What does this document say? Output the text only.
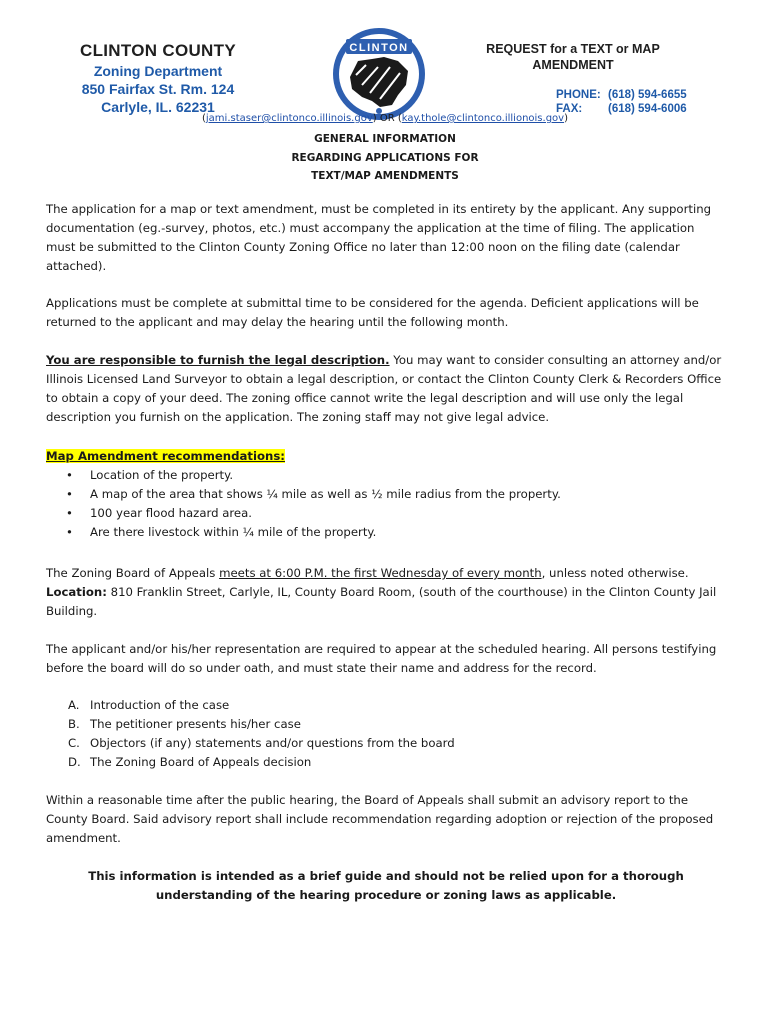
CLINTON COUNTY
Zoning Department
850 Fairfax St. Rm. 124
Carlyle, IL. 62231
CLINTON	REQUEST for a TEXT or MAP
AMENDMENT
PHONE: (618) 594-6655
FAX: (618) 594-6006
(jami.staser@clintonco.illinois.gov) OR (kay.thole@clintonco.illionois.gov)
GENERAL INFORMATION
REGARDING APPLICATIONS FOR
TEXT/MAP AMENDMENTS

The application for a map or text amendment, must be completed in its entirety by the applicant. Any supporting documentation (eg.-survey, photos, etc.) must accompany the application at the time of filing. The application must be submitted to the Clinton County Zoning Office no later than 12:00 noon on the filing date (calendar attached).

Applications must be complete at submittal time to be considered for the agenda. Deficient applications will be returned to the applicant and may delay the hearing until the following month.

You are responsible to furnish the legal description. You may want to consider consulting an attorney and/or Illinois Licensed Land Surveyor to obtain a legal description, or contact the Clinton County Clerk & Recorders Office to obtain a copy of your deed. The zoning office cannot write the legal description and will use only the legal description you furnish on the application. The zoning staff may not give legal advice.

Map Amendment recommendations:

• Location of the property.
• A map of the area that shows ¼ mile as well as ½ mile radius from the property.
• 100 year flood hazard area.
• Are there livestock within ¼ mile of the property.

The Zoning Board of Appeals meets at 6:00 P.M. the first Wednesday of every month, unless noted otherwise.
Location: 810 Franklin Street, Carlyle, IL, County Board Room, (south of the courthouse) in the Clinton County Jail Building.

The applicant and/or his/her representation are required to appear at the scheduled hearing. All persons testifying before the board will do so under oath, and must state their name and address for the record.

A. Introduction of the case
B. The petitioner presents his/her case
C. Objectors (if any) statements and/or questions from the board
D. The Zoning Board of Appeals decision

Within a reasonable time after the public hearing, the Board of Appeals shall submit an advisory report to the County Board. Said advisory report shall include recommendation regarding adoption or rejection of the proposed amendment.

This information is intended as a brief guide and should not be relied upon for a thorough understanding of the hearing procedure or zoning laws as applicable.
